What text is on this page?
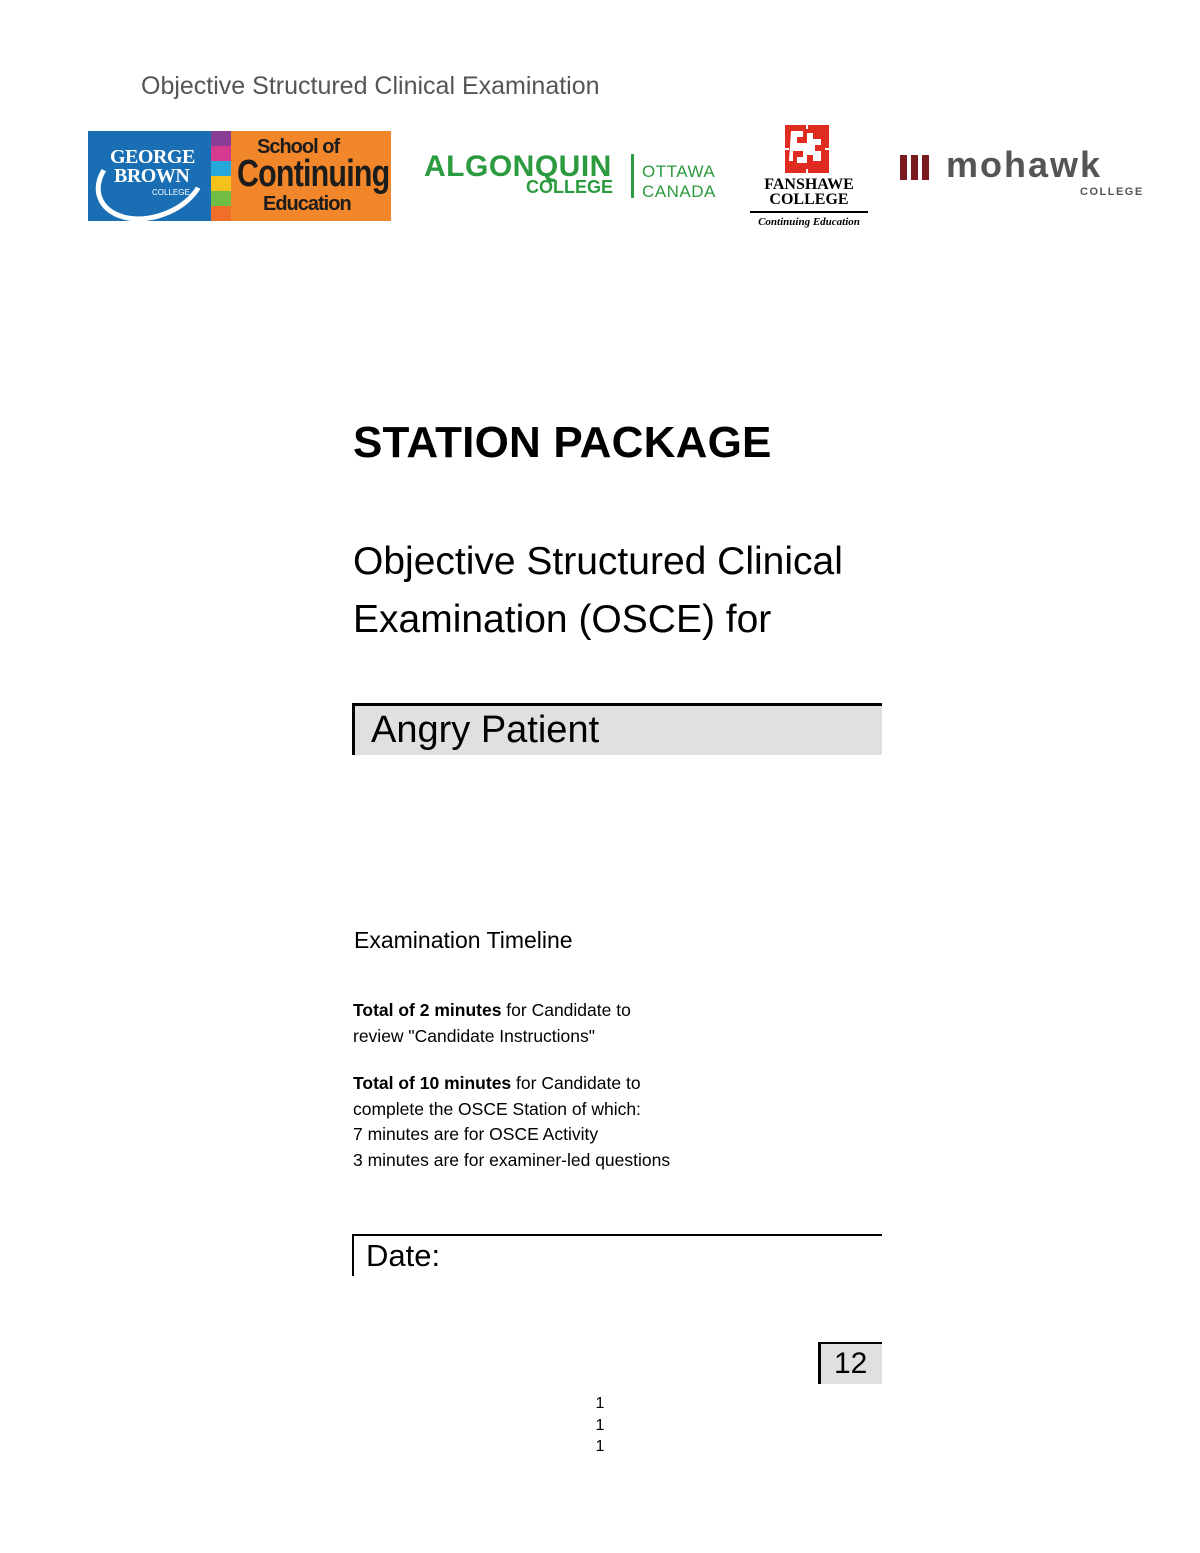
Objective Structured Clinical Examination
GEORGE
BROWN
COLLEGE
School of
Continuing
Education
ALGONQUIN
COLLEGE
OTTAWA
CANADA	FANSHAWE
COLLEGE
Continuing Education
mohawk
COLLEGE
STATION PACKAGE
Objective Structured Clinical
Examination (OSCE) for
Angry Patient
Examination Timeline
Total of 2 minutes for Candidate to
review "Candidate Instructions"
Total of 10 minutes for Candidate to
complete the OSCE Station of which:
7 minutes are for OSCE Activity
3 minutes are for examiner-led questions
Date:
12
1
1
1
